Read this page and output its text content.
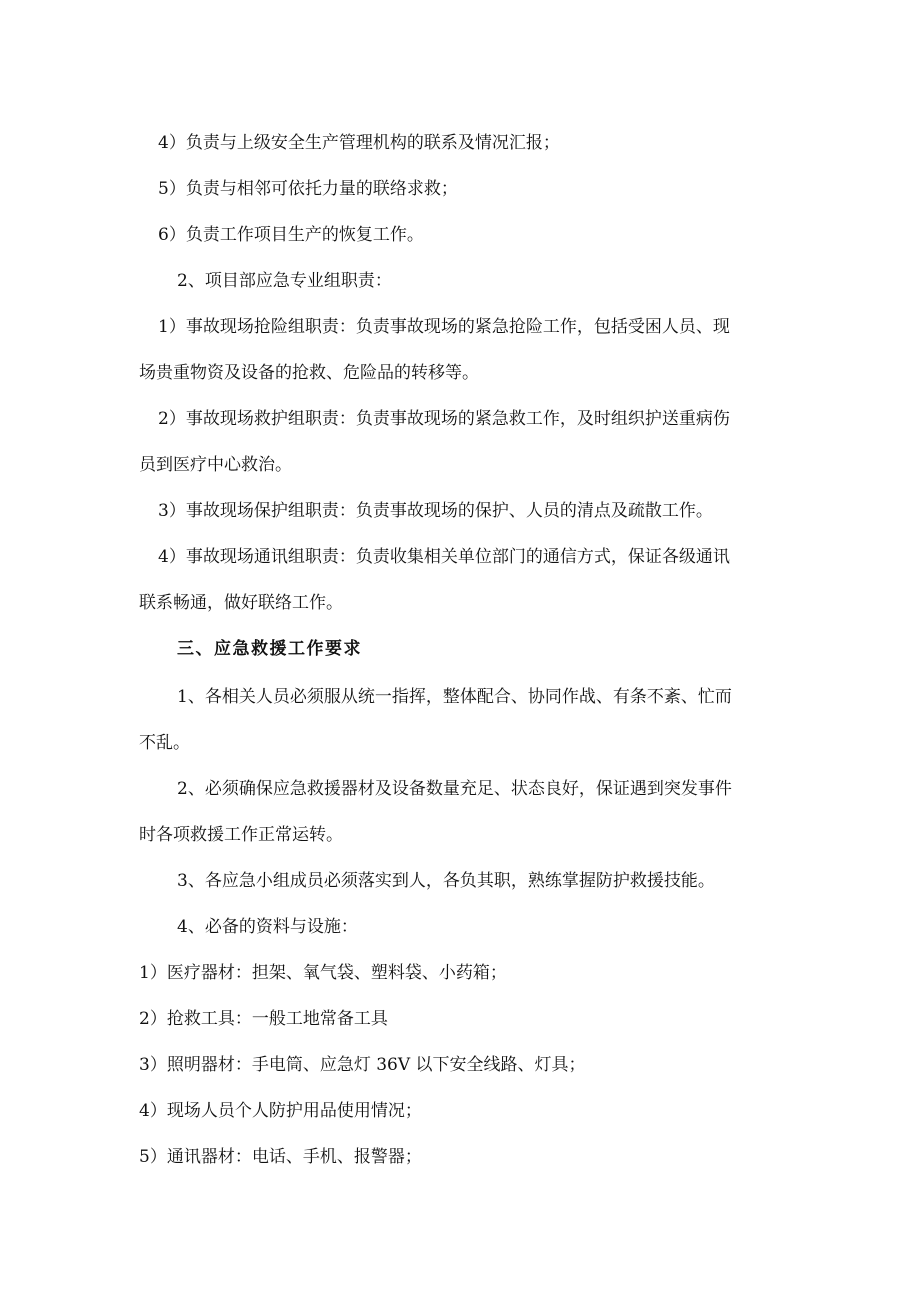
4）负责与上级安全生产管理机构的联系及情况汇报；
5）负责与相邻可依托力量的联络求救；
6）负责工作项目生产的恢复工作。
2、项目部应急专业组职责：
1）事故现场抢险组职责：负责事故现场的紧急抢险工作，包括受困人员、现
场贵重物资及设备的抢救、危险品的转移等。
2）事故现场救护组职责：负责事故现场的紧急救工作，及时组织护送重病伤
员到医疗中心救治。
3）事故现场保护组职责：负责事故现场的保护、人员的清点及疏散工作。
4）事故现场通讯组职责：负责收集相关单位部门的通信方式，保证各级通讯
联系畅通，做好联络工作。
三、应急救援工作要求
1、各相关人员必须服从统一指挥，整体配合、协同作战、有条不紊、忙而
不乱。
2、必须确保应急救援器材及设备数量充足、状态良好，保证遇到突发事件
时各项救援工作正常运转。
3、各应急小组成员必须落实到人，各负其职，熟练掌握防护救援技能。
4、必备的资料与设施：
1）医疗器材：担架、氧气袋、塑料袋、小药箱；
2）抢救工具：一般工地常备工具
3）照明器材：手电筒、应急灯 36V 以下安全线路、灯具；
4）现场人员个人防护用品使用情况；
5）通讯器材：电话、手机、报警器；
